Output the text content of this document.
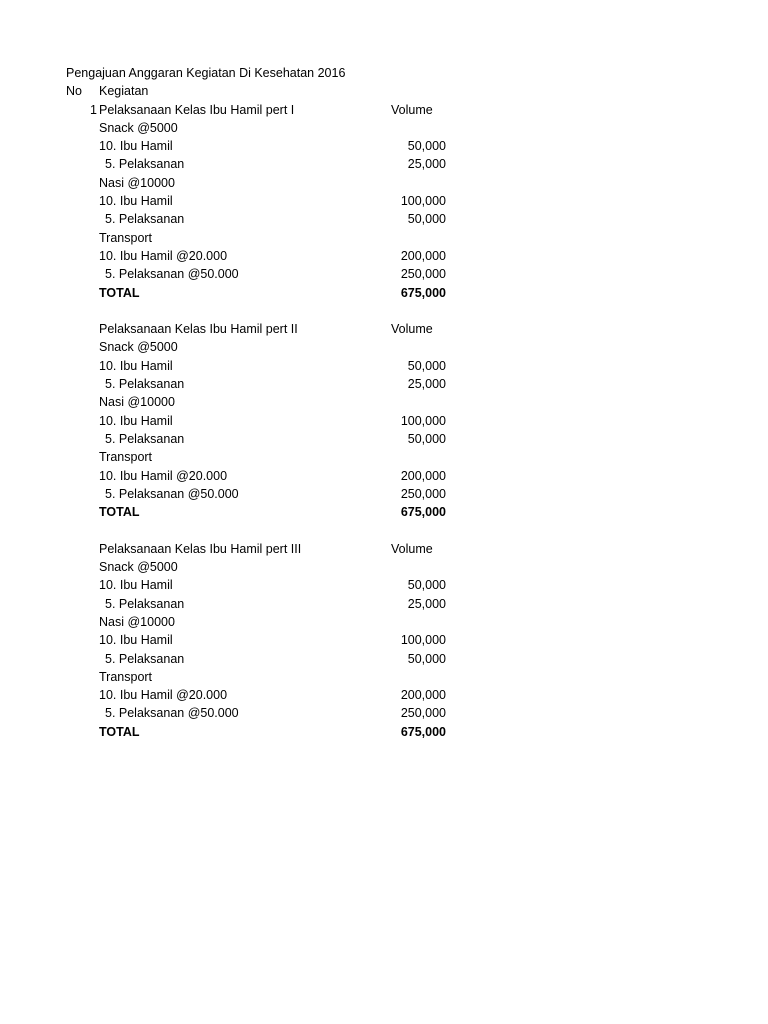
Pengajuan Anggaran Kegiatan Di Kesehatan 2016
No Kegiatan
1 Pelaksanaan Kelas Ibu Hamil pert I	Volume
Snack @5000
10. Ibu Hamil	50,000
5. Pelaksanan	25,000
Nasi @10000
10. Ibu Hamil	100,000
5. Pelaksanan	50,000
Transport
10. Ibu Hamil @20.000	200,000
5. Pelaksanan @50.000	250,000
TOTAL	675,000
Pelaksanaan Kelas Ibu Hamil pert II	Volume
Snack @5000
10. Ibu Hamil	50,000
5. Pelaksanan	25,000
Nasi @10000
10. Ibu Hamil	100,000
5. Pelaksanan	50,000
Transport
10. Ibu Hamil @20.000	200,000
5. Pelaksanan @50.000	250,000
TOTAL	675,000
Pelaksanaan Kelas Ibu Hamil pert III	Volume
Snack @5000
10. Ibu Hamil	50,000
5. Pelaksanan	25,000
Nasi @10000
10. Ibu Hamil	100,000
5. Pelaksanan	50,000
Transport
10. Ibu Hamil @20.000	200,000
5. Pelaksanan @50.000	250,000
TOTAL	675,000
